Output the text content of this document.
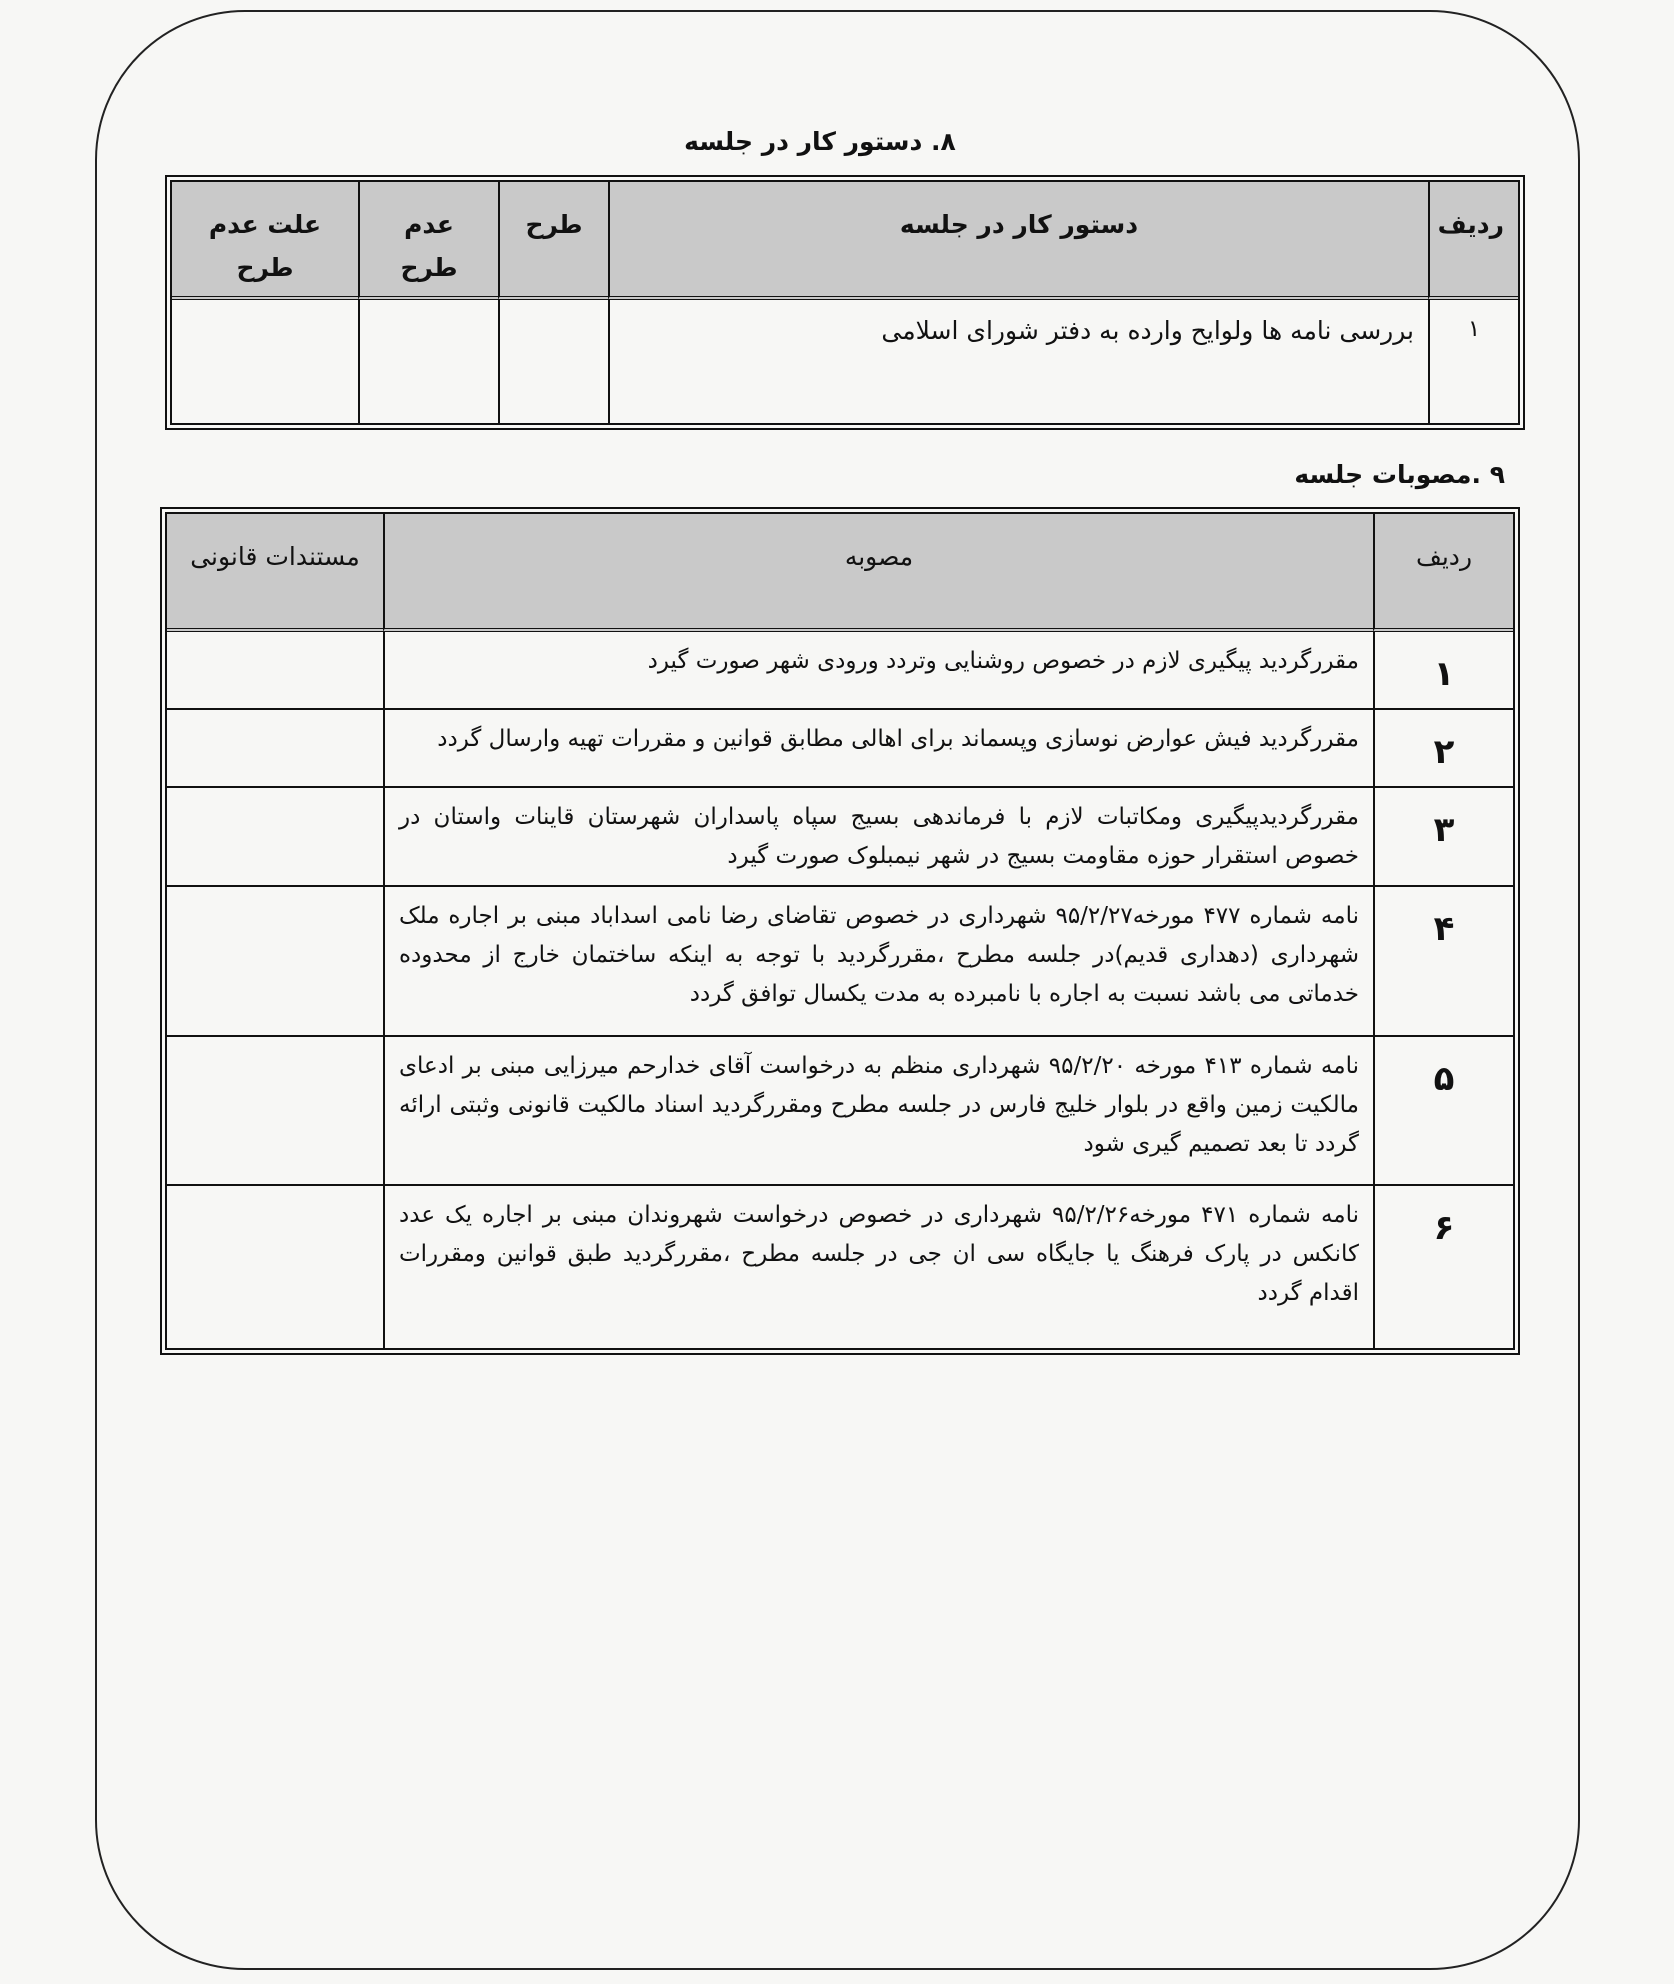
۸. دستور کار در جلسه
ردیف
دستور کار در جلسه
طرح
عدم طرح
علت عدم طرح
۱
بررسی نامه ها ولوایح وارده به دفتر شورای اسلامی
۹ .مصوبات جلسه
ردیف
مصوبه
مستندات قانونی
۱
مقررگردید پیگیری لازم در خصوص روشنایی وتردد ورودی شهر صورت گیرد
۲
مقررگردید فیش عوارض نوسازی وپسماند برای اهالی مطابق قوانین و مقررات تهیه وارسال گردد
۳
مقررگردیدپیگیری ومکاتبات لازم با فرماندهی بسیج سپاه پاسداران شهرستان قاینات واستان در خصوص استقرار حوزه مقاومت بسیج در شهر نیمبلوک صورت گیرد
۴
نامه شماره ۴۷۷ مورخه۹۵/۲/۲۷ شهرداری در خصوص تقاضای رضا نامی اسداباد مبنی بر اجاره ملک شهرداری (دهداری قدیم)در جلسه مطرح ،مقررگردید با توجه به اینکه ساختمان خارج از محدوده خدماتی می باشد نسبت به اجاره با نامبرده به مدت یکسال توافق گردد
۵
نامه شماره ۴۱۳ مورخه ۹۵/۲/۲۰ شهرداری منظم به درخواست آقای خدارحم میرزایی مبنی بر ادعای مالکیت زمین واقع در بلوار خلیج فارس در جلسه مطرح ومقررگردید اسناد مالکیت قانونی وثبتی ارائه گردد تا بعد تصمیم گیری شود
۶
نامه شماره ۴۷۱ مورخه۹۵/۲/۲۶ شهرداری در خصوص درخواست شهروندان مبنی بر اجاره یک عدد کانکس در پارک فرهنگ یا جایگاه سی ان جی در جلسه مطرح ،مقررگردید طبق قوانین ومقررات اقدام گردد
